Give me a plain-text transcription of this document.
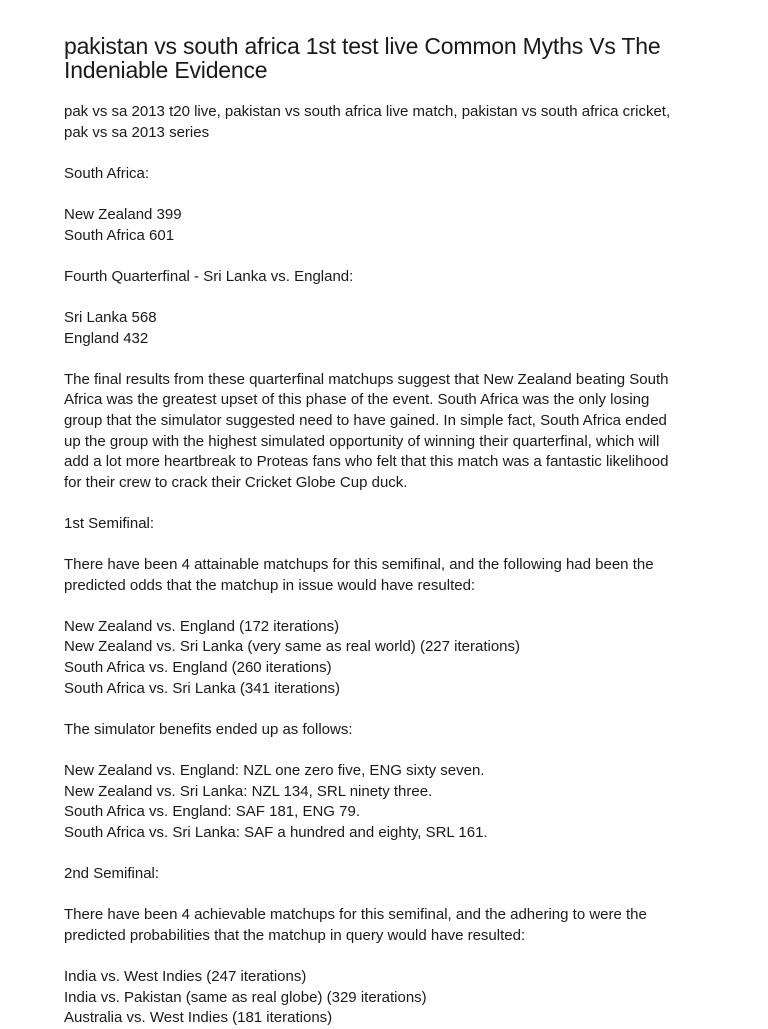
pakistan vs south africa 1st test live Common Myths Vs The
Indeniable Evidence

pak vs sa 2013 t20 live, pakistan vs south africa live match, pakistan vs south africa cricket,
pak vs sa 2013 series

South Africa:

New Zealand 399
South Africa 601

Fourth Quarterfinal - Sri Lanka vs. England:

Sri Lanka 568
England 432

The final results from these quarterfinal matchups suggest that New Zealand beating South
Africa was the greatest upset of this phase of the event. South Africa was the only losing
group that the simulator suggested need to have gained. In simple fact, South Africa ended
up the group with the highest simulated opportunity of winning their quarterfinal, which will
add a lot more heartbreak to Proteas fans who felt that this match was a fantastic likelihood
for their crew to crack their Cricket Globe Cup duck.

1st Semifinal:

There have been 4 attainable matchups for this semifinal, and the following had been the
predicted odds that the matchup in issue would have resulted:

New Zealand vs. England (172 iterations)
New Zealand vs. Sri Lanka (very same as real world) (227 iterations)
South Africa vs. England (260 iterations)
South Africa vs. Sri Lanka (341 iterations)

The simulator benefits ended up as follows:

New Zealand vs. England: NZL one zero five, ENG sixty seven.
New Zealand vs. Sri Lanka: NZL 134, SRL ninety three.
South Africa vs. England: SAF 181, ENG 79.
South Africa vs. Sri Lanka: SAF a hundred and eighty, SRL 161.

2nd Semifinal:

There have been 4 achievable matchups for this semifinal, and the adhering to were the
predicted probabilities that the matchup in query would have resulted:

India vs. West Indies (247 iterations)
India vs. Pakistan (same as real globe) (329 iterations)
Australia vs. West Indies (181 iterations)
